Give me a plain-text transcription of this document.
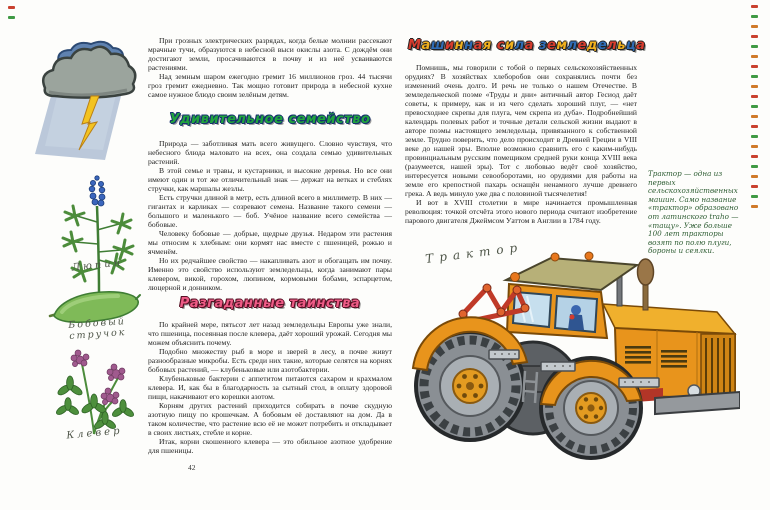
Люпин
Бобовый стручок
Клевер

При грозных электрических разрядах, когда белые молнии рассекают мрачные тучи, образуются в небесной выси окислы азота. С дождём они достигают земли, просачиваются в почву и из неё усваиваются растениями.

Над земным шаром ежегодно гремит 16 миллионов гроз. 44 тысячи гроз гремит ежедневно. Так мощно готовит природа в небесной кухне самое нужное блюдо своим зелёным детям.

Удивительное семейство

Природа — заботливая мать всего живущего. Словно чувствуя, что небесного блюда маловато на всех, она создала семью удивительных растений.

В этой семье и травы, и кустарники, и высокие деревья. Но все они имеют один и тот же отличительный знак — держат на ветках и стеблях стручки, как маршалы жезлы.

Есть стручки длиной в метр, есть длиной всего в миллиметр. В них — гигантах и карликах — созревают семена. Название такого семени — большого и маленького — боб. Учёное название всего семейства — бобовые.

Человеку бобовые — добрые, щедрые друзья. Недаром эти растения мы относим к хлебным: они кормят нас вместе с пшеницей, рожью и ячменём.

Но их редчайшее свойство — накапливать азот и обогащать им почву. Именно это свойство используют земледельцы, когда занимают пары клевером, викой, горохом, люпином, кормовыми бобами, эспарцетом, люцерной и донником.

Разгаданные таинства

По крайней мере, пятьсот лет назад земледельцы Европы уже знали, что пшеница, посеянная после клевера, даёт хороший урожай. Сегодня мы можем объяснить почему.

Подобно множеству рыб в море и зверей в лесу, в почве живут разнообразные микробы. Есть среди них такие, которые селятся на корнях бобовых растений, — клубеньковые или азотобактерии.

Клубеньковые бактерии с аппетитом питаются сахаром и крахмалом клевера. И, как бы в благодарность за сытный стол, в оплату здоровой пищи, накачивают его корешки азотом.

Корням других растений приходится собирать в почве скудную азотную пищу по крошечкам. А бобовым её доставляют на дом. Да в таком количестве, что растение всю её не может потребить и откладывает в своих листьях, стебле и корне.

Итак, корни скошенного клевера — это обильное азотное удобрение для пшеницы.

42
Машинная сила земледельца

Помнишь, мы говорили с тобой о первых сельскохозяйственных орудиях? В хозяйствах хлеборобов они сохранялись почти без изменений очень долго. И речь не только о нашем Отечестве. В земледельческой поэме «Труды и дни» античный автор Гесиод даёт советы, к примеру, как и из чего сделать хороший плуг, — «нет превосходнее скрепы для плуга, чем скрепа из дуба». Подробнейший календарь полевых работ и точные детали сельской жизни выдают в авторе поэмы настоящего земледельца, привязанного к собственной земле. Трудно поверить, что дело происходит в Древней Греции в VIII веке до нашей эры. Вполне возможно сравнить его с каким-нибудь провинциальным русским помещиком средней руки конца XVIII века (разумеется, нашей эры). Тот с любовью ведёт своё хозяйство, интересуется новыми севооборотами, но орудиями для работы на земле его крепостной пахарь оснащён ненамного лучше древнего грека. А ведь минуло уже два с половиной тысячелетия!

И вот в XVIII столетии в мире начинается промышленная революция: точкой отсчёта этого нового периода считают изобретение парового двигателя Джеймсом Уаттом в Англии в 1784 году.

Трактор — одна из первых сельскохозяйственных машин. Само название «трактор» образовано от латинского traho — «тащу». Уже больше 100 лет тракторы возят по полю плуги, бороны и сеялки.
Трактор
